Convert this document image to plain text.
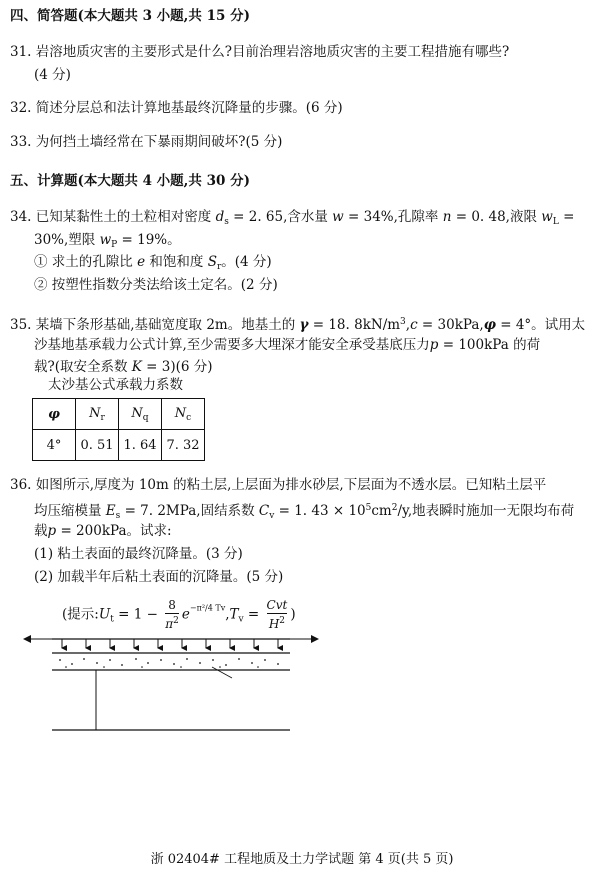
四、简答题(本大题共 3 小题,共 15 分)
31. 岩溶地质灾害的主要形式是什么?目前治理岩溶地质灾害的主要工程措施有哪些?
(4 分)
32. 简述分层总和法计算地基最终沉降量的步骤。(6 分)
33. 为何挡土墙经常在下暴雨期间破坏?(5 分)
五、计算题(本大题共 4 小题,共 30 分)
34. 已知某黏性土的土粒相对密度 $d_s = 2$. 65,含水量 w = 34%,孔隙率 n = 0. 48,液限 $w_L$ =
30%,塑限 $w_P = 19\%$。
① 求土的孔隙比 e 和饱和度 $S_r$。(4 分)
② 按塑性指数分类法给该土定名。(2 分)
35. 某墙下条形基础,基础宽度取 2m。地基土的 γ = 18. $8kN/m^3,c = 30kPa,\varphi = 4^\circ$。试用太
沙基地基承载力公式计算,至少需要多大埋深才能安全承受基底压力p = 100kPa 的荷
载?(取安全系数 K = 3)(6 分)
太沙基公式承载力系数
φ	$N_r$	$N_q$	$N_c$
4°	0. 51	1. 64	7. 32
36. 如图所示,厚度为 10m 的粘土层,上层面为排水砂层,下层面为不透水层。已知粘土层平
均压缩模量 $E_s = 7$. 2MPa,固结系数 $C_v = 1$. $43 \times 10^5cm^2/y$,地表瞬时施加一无限均布荷
载p = 200kPa。试求:
(1) 粘土表面的最终沉降量。(3 分)
(2) 加载半年后粘土表面的沉降量。(5 分)
(提示$:U_t = 1 - \frac{8}{\pi^2} e^{-\pi^2/4 Tv},T_v$ =
Cvt
$H^2$ )
浙 02404# 工程地质及土力学试题 第 4 页(共 5 页)
